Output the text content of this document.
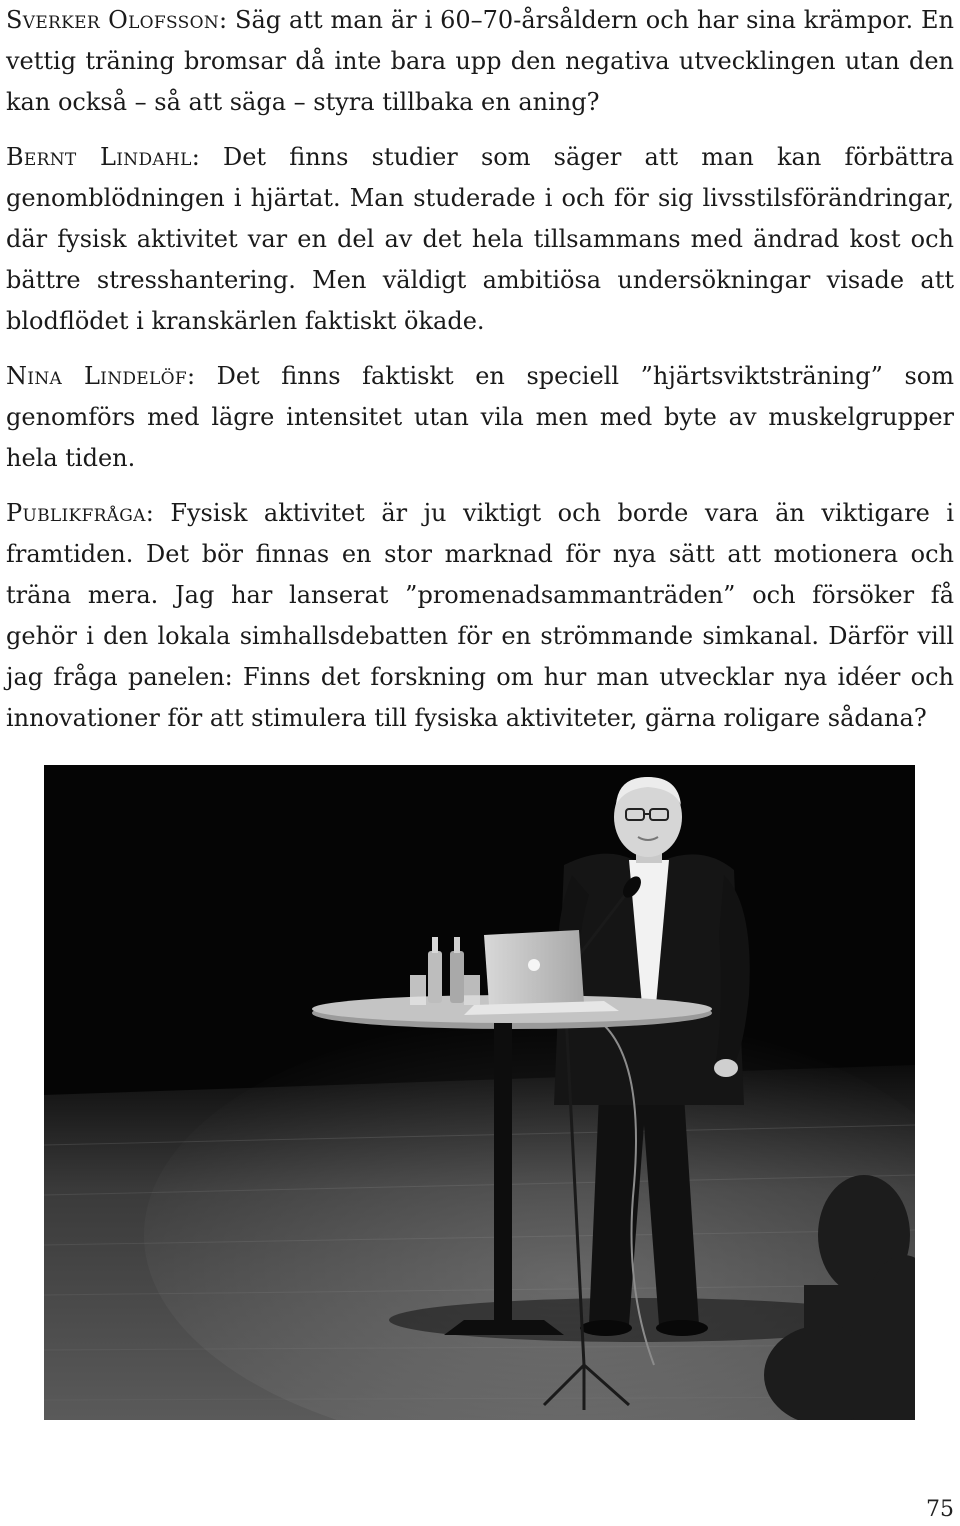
Sverker Olofsson: Säg att man är i 60–70-årsåldern och har sina krämpor. En vettig träning bromsar då inte bara upp den negativa utvecklingen utan den kan också – så att säga – styra tillbaka en aning?

Bernt Lindahl: Det finns studier som säger att man kan förbättra genomblödningen i hjärtat. Man studerade i och för sig livsstilsförändringar, där fysisk aktivitet var en del av det hela tillsammans med ändrad kost och bättre stresshantering. Men väldigt ambitiösa undersökningar visade att blodflödet i kranskärlen faktiskt ökade.

Nina Lindelöf: Det finns faktiskt en speciell ”hjärtsviktsträning” som genomförs med lägre intensitet utan vila men med byte av muskelgrupper hela tiden.

Publikfråga: Fysisk aktivitet är ju viktigt och borde vara än viktigare i framtiden. Det bör finnas en stor marknad för nya sätt att motionera och träna mera. Jag har lanserat ”promenadsammanträden” och försöker få gehör i den lokala simhallsdebatten för en strömmande simkanal. Därför vill jag fråga panelen: Finns det forskning om hur man utvecklar nya idéer och innovationer för att stimulera till fysiska aktiviteter, gärna roligare sådana?

75
